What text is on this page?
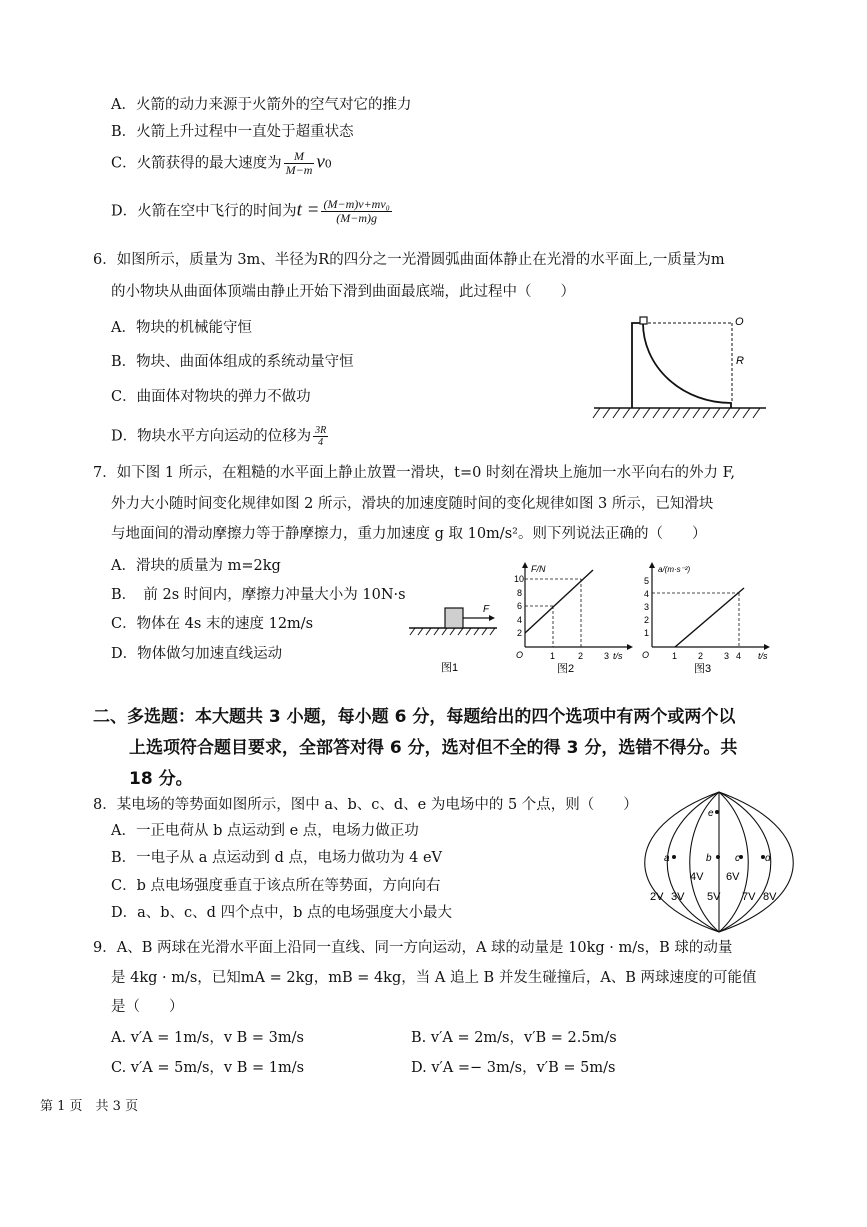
A．火箭的动力来源于火箭外的空气对它的推力
B．火箭上升过程中一直处于超重状态
C．火箭获得的最大速度为 $\frac{M}{M-m} v0$
D．火箭在空中飞行的时间为$t = \frac{\text{(M−m)v+mv₀}}{(M-m)g}$
6．如图所示，质量为 3m、半径为R的四分之一光滑圆弧曲面体静止在光滑的水平面上,一质量为m
的小物块从曲面体顶端由静止开始下滑到曲面最底端，此过程中（　　）
A．物块的机械能守恒
B．物块、曲面体组成的系统动量守恒
C．曲面体对物块的弹力不做功
D．物块水平方向运动的位移为 $\frac{3R}{4}$
O
R
7．如下图 1 所示，在粗糙的水平面上静止放置一滑块，t=0 时刻在滑块上施加一水平向右的外力 F,
外力大小随时间变化规律如图 2 所示，滑块的加速度随时间的变化规律如图 3 所示，已知滑块
与地面间的滑动摩擦力等于静摩擦力，重力加速度 g 取 10m/s²。则下列说法正确的（　　）
A．滑块的质量为 m=2kg
B．　前 2s 时间内，摩擦力冲量大小为 10N·s
C．物体在 4s 末的速度 12m/s
D．物体做匀加速直线运动
F
图1
F/N
t/s
O
10
8
6
4
2
1	2 3
图2
a/(m·s⁻²)
t/s
O
5
4
3
2
1
1 2 3 4
图3
二、多选题：本大题共 3 小题，每小题 6 分，每题给出的四个选项中有两个或两个以
上选项符合题目要求，全部答对得 6 分，选对但不全的得 3 分，选错不得分。共
18 分。
8．某电场的等势面如图所示，图中 a、b、c、d、e 为电场中的 5 个点，则（　　）
A．一正电荷从 b 点运动到 e 点，电场力做正功
B．一电子从 a 点运动到 d 点，电场力做功为 4 eV
C．b 点电场强度垂直于该点所在等势面，方向向右
D．a、b、c、d 四个点中，b 点的电场强度大小最大
a	b c	d
e
4V 6V
2V 3V 5V 7V 8V
9．A、B 两球在光滑水平面上沿同一直线、同一方向运动，A 球的动量是 10kg · m/s，B 球的动量
是 4kg · m/s，已知mA = 2kg，mB = 4kg，当 A 追上 B 并发生碰撞后，A、B 两球速度的可能值
是（　　）
A. v′A = 1m/s，v B = 3m/s	B. v′A = 2m/s，v′B = 2.5m/s
C. v′A = 5m/s，v B = 1m/s	D. v′A =− 3m/s，v′B = 5m/s
第 1 页　共 3 页
